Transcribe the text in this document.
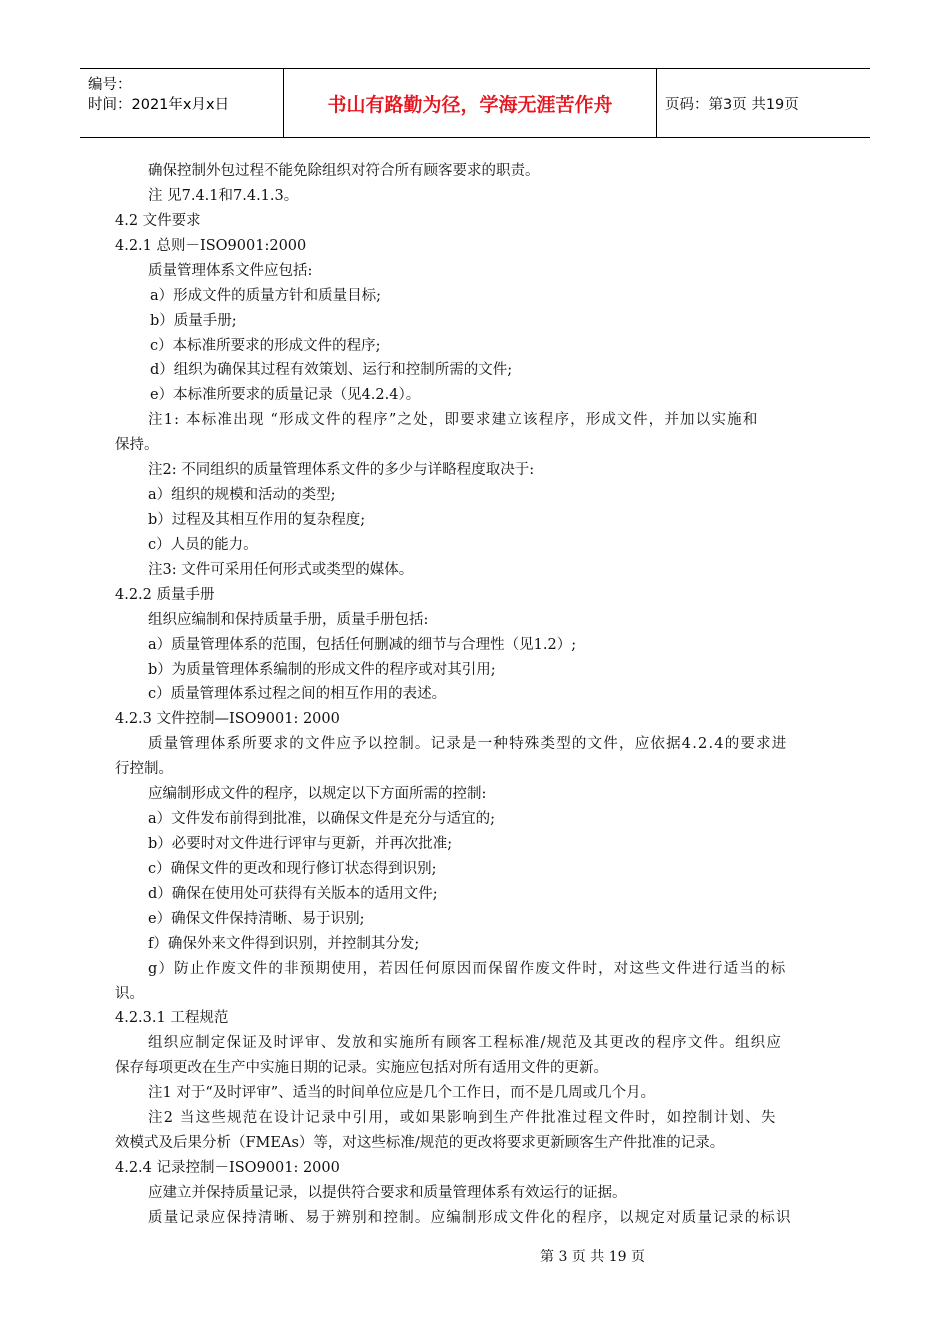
编号：
时间：2021年x月x日	书山有路勤为径，学海无涯苦作舟	页码：第3页 共19页
确保控制外包过程不能免除组织对符合所有顾客要求的职责。
注 见7.4.1和7.4.1.3。
4.2 文件要求
4.2.1 总则－ISO9001:2000
质量管理体系文件应包括:
a）形成文件的质量方针和质量目标;
b）质量手册;
c）本标准所要求的形成文件的程序;
d）组织为确保其过程有效策划、运行和控制所需的文件;
e）本标准所要求的质量记录（见4.2.4）。
注1: 本标准出现 “形成文件的程序”之处，即要求建立该程序，形成文件，并加以实施和
保持。
注2: 不同组织的质量管理体系文件的多少与详略程度取决于:
a）组织的规模和活动的类型;
b）过程及其相互作用的复杂程度;
c）人员的能力。
注3: 文件可采用任何形式或类型的媒体。
4.2.2 质量手册
组织应编制和保持质量手册，质量手册包括:
a）质量管理体系的范围，包括任何删减的细节与合理性（见1.2）;
b）为质量管理体系编制的形成文件的程序或对其引用;
c）质量管理体系过程之间的相互作用的表述。
4.2.3 文件控制—ISO9001: 2000
质量管理体系所要求的文件应予以控制。记录是一种特殊类型的文件，应依据4.2.4的要求进
行控制。
应编制形成文件的程序，以规定以下方面所需的控制:
a）文件发布前得到批准，以确保文件是充分与适宜的;
b）必要时对文件进行评审与更新，并再次批准;
c）确保文件的更改和现行修订状态得到识别;
d）确保在使用处可获得有关版本的适用文件;
e）确保文件保持清晰、易于识别;
f）确保外来文件得到识别，并控制其分发;
g）防止作废文件的非预期使用，若因任何原因而保留作废文件时，对这些文件进行适当的标
识。
4.2.3.1 工程规范
组织应制定保证及时评审、发放和实施所有顾客工程标准/规范及其更改的程序文件。组织应
保存每项更改在生产中实施日期的记录。实施应包括对所有适用文件的更新。
注1 对于“及时评审”、适当的时间单位应是几个工作日，而不是几周或几个月。
注2 当这些规范在设计记录中引用，或如果影响到生产件批准过程文件时，如控制计划、失
效模式及后果分析（FMEAs）等，对这些标准/规范的更改将要求更新顾客生产件批准的记录。
4.2.4 记录控制－ISO9001: 2000
应建立并保持质量记录，以提供符合要求和质量管理体系有效运行的证据。
质量记录应保持清晰、易于辨别和控制。应编制形成文件化的程序，以规定对质量记录的标识
第 3 页 共 19 页
